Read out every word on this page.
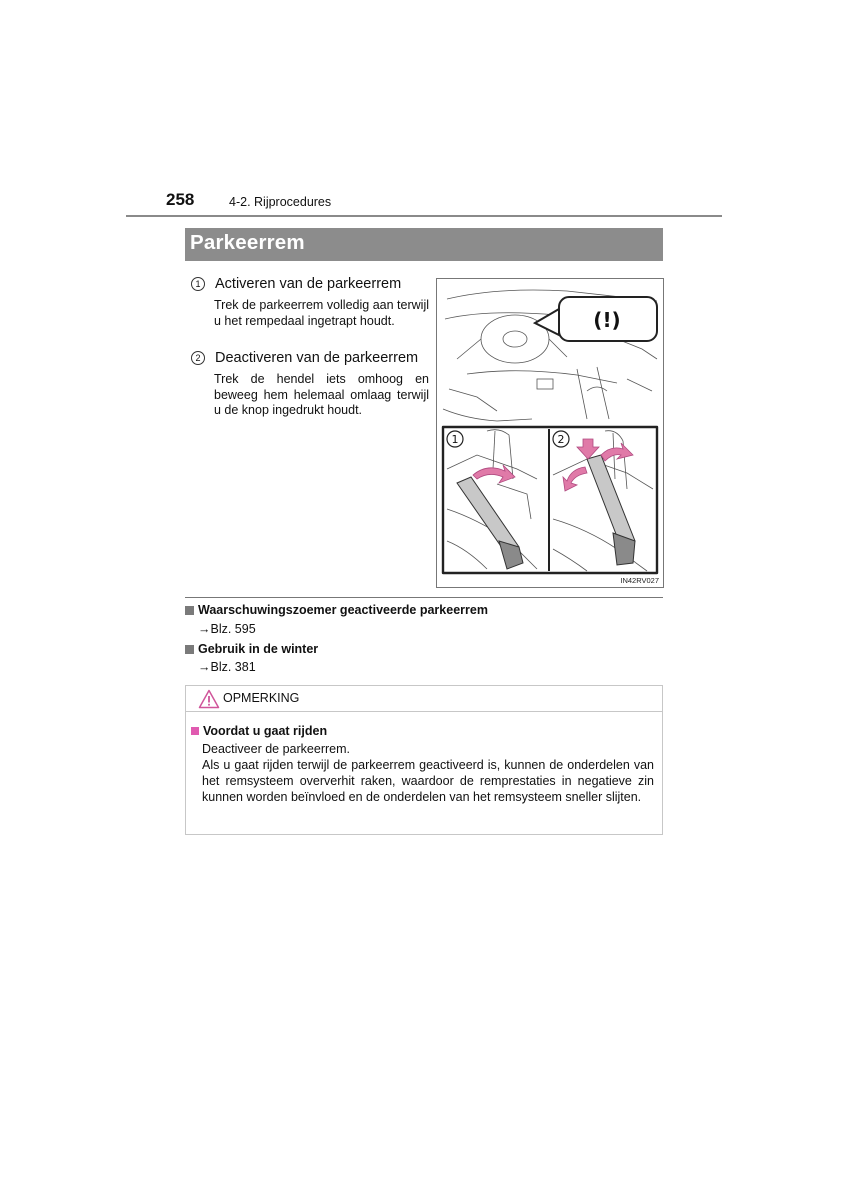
258	4-2. Rijprocedures
Parkeerrem
1	Activeren van de parkeerrem
Trek de parkeerrem volledig aan terwijl u het rempedaal ingetrapt houdt.
2	Deactiveren van de parkeerrem
Trek de hendel iets omhoog en beweeg hem helemaal omlaag terwijl u de knop ingedrukt houdt.
(!)
1	2
IN42RV027
Waarschuwingszoemer geactiveerde parkeerrem
→Blz. 595
Gebruik in de winter
→Blz. 381
OPMERKING
Voordat u gaat rijden
Deactiveer de parkeerrem.
Als u gaat rijden terwijl de parkeerrem geactiveerd is, kunnen de onderdelen van het remsysteem oververhit raken, waardoor de remprestaties in negatieve zin kunnen worden beïnvloed en de onderdelen van het remsysteem sneller slijten.
